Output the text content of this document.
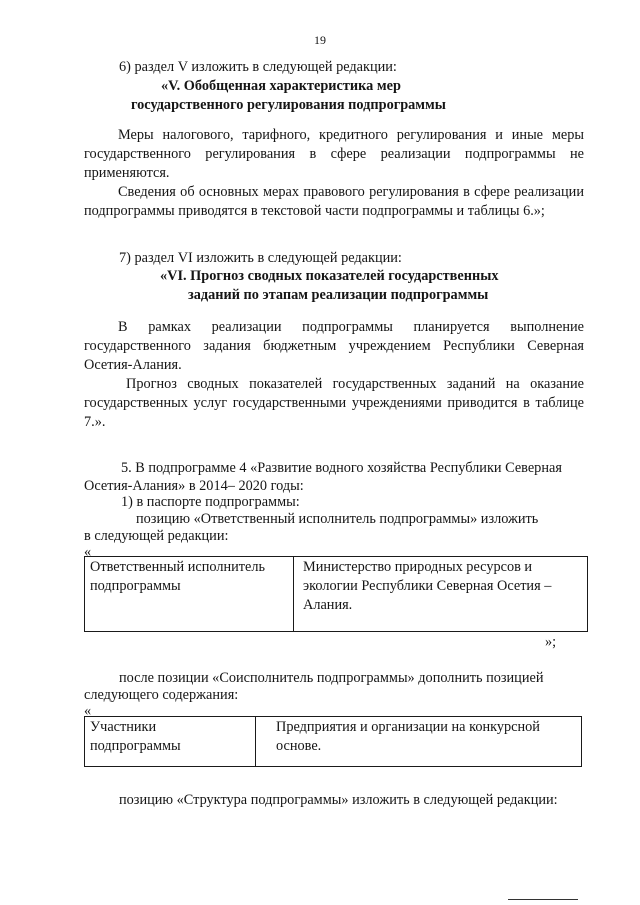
19
6) раздел V изложить в следующей редакции:
«V. Обобщенная характеристика мер
государственного регулирования подпрограммы
Меры налогового, тарифного, кредитного регулирования и иные меры государственного регулирования в сфере реализации подпрограммы не применяются.
Сведения об основных мерах правового регулирования в сфере реализации подпрограммы приводятся в текстовой части подпрограммы и таблицы 6.»;
7) раздел VI изложить в следующей редакции:
«VI. Прогноз сводных показателей государственных
заданий по этапам реализации подпрограммы
В рамках реализации подпрограммы планируется выполнение государственного задания бюджетным учреждением Республики Северная Осетия-Алания.
Прогноз сводных показателей государственных заданий на оказание государственных услуг государственными учреждениями приводится в таблице 7.».
5. В подпрограмме 4 «Развитие водного хозяйства Республики Северная
Осетия-Алания» в 2014– 2020 годы:
1) в паспорте подпрограммы:
позицию «Ответственный исполнитель подпрограммы» изложить
в следующей редакции:
«
Ответственный исполнитель подпрограммы	Министерство природных ресурсов и экологии Республики Северная Осетия – Алания.
»;
после позиции «Соисполнитель подпрограммы» дополнить позицией
следующего содержания:
«
Участники подпрограммы	Предприятия и организации на конкурсной основе.
позицию «Структура подпрограммы» изложить в следующей редакции:
